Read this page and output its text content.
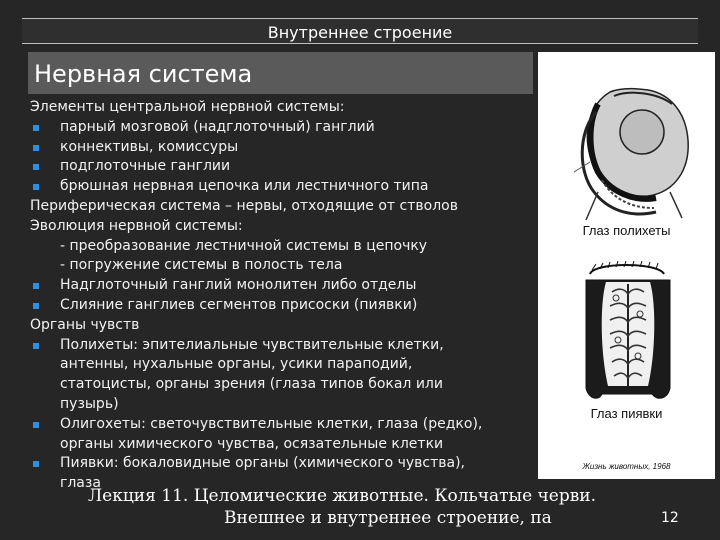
Внутреннее строение
Нервная система
Элементы центральной нервной системы:
парный мозговой (надглоточный) ганглий
коннективы, комиссуры
подглоточные ганглии
брюшная нервная цепочка или лестничного типа
Периферическая система – нервы, отходящие от стволов
Эволюция нервной системы:
- преобразование лестничной системы в цепочку
- погружение системы в полость тела
Надглоточный ганглий монолитен либо отделы
Слияние ганглиев сегментов присоски (пиявки)
Органы чувств
Полихеты: эпителиальные чувствительные клетки,
антенны, нухальные органы, усики параподий,
статоцисты, органы зрения (глаза типов бокал или
пузырь)
Олигохеты: светочувствительные клетки, глаза (редко),
органы химического чувства, осязательные клетки
Пиявки: бокаловидные органы (химического чувства),
глаза
Глаз полихеты
Глаз пиявки
Жизнь животных, 1968
Лекция 11. Целомические животные. Кольчатые черви.
Внешнее и внутреннее строение, па	12
